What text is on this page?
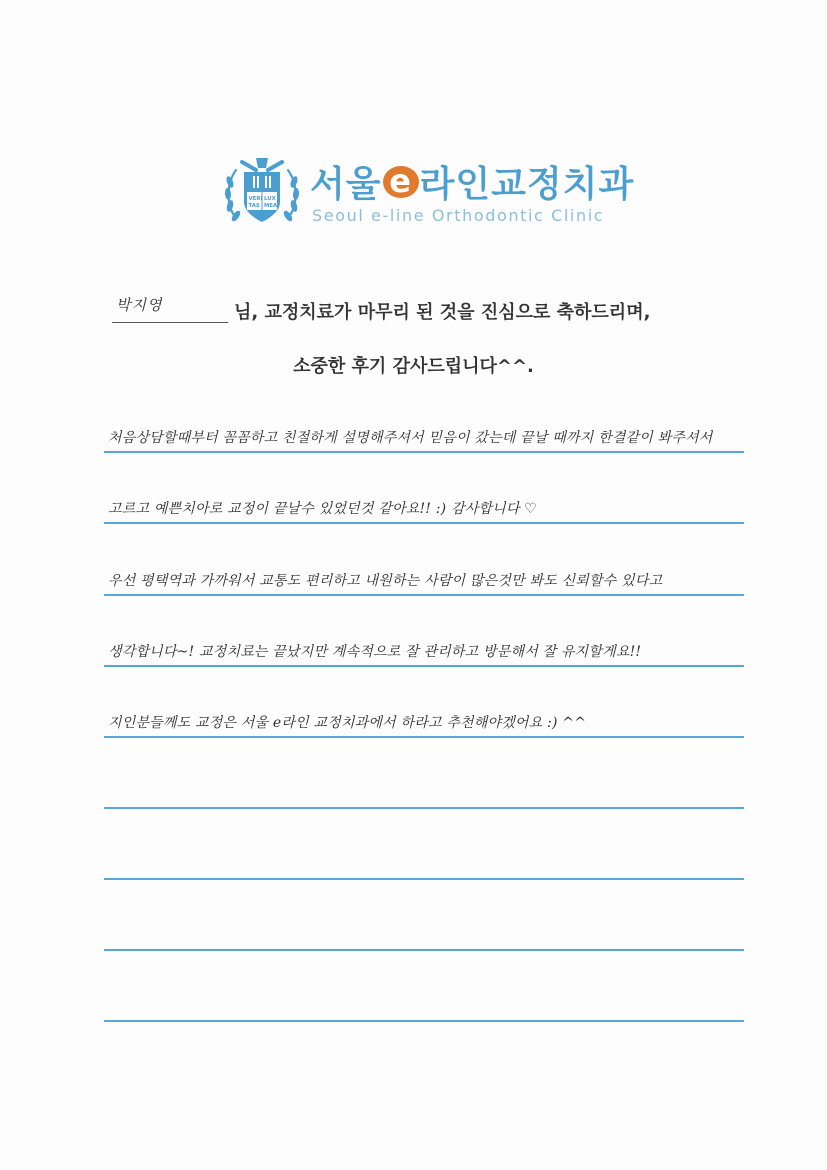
VERI LUX
TAS MEA
서울 e 라인교정치과
Seoul e-line Orthodontic Clinic
박지영	님, 교정치료가 마무리 된 것을 진심으로 축하드리며,
소중한 후기 감사드립니다^^.
처음상담할때부터 꼼꼼하고 친절하게 설명해주셔서 믿음이 갔는데 끝날 때까지 한결같이 봐주셔서
고르고 예쁜치아로 교정이 끝날수 있었던것 같아요!! :) 감사합니다 ♡
우선 평택역과 가까워서 교통도 편리하고 내원하는 사람이 많은것만 봐도 신뢰할수 있다고
생각합니다~! 교정치료는 끝났지만 계속적으로 잘 관리하고 방문해서 잘 유지할게요!!
지인분들께도 교정은 서울 e라인 교정치과에서 하라고 추천해야겠어요 :) ^^
